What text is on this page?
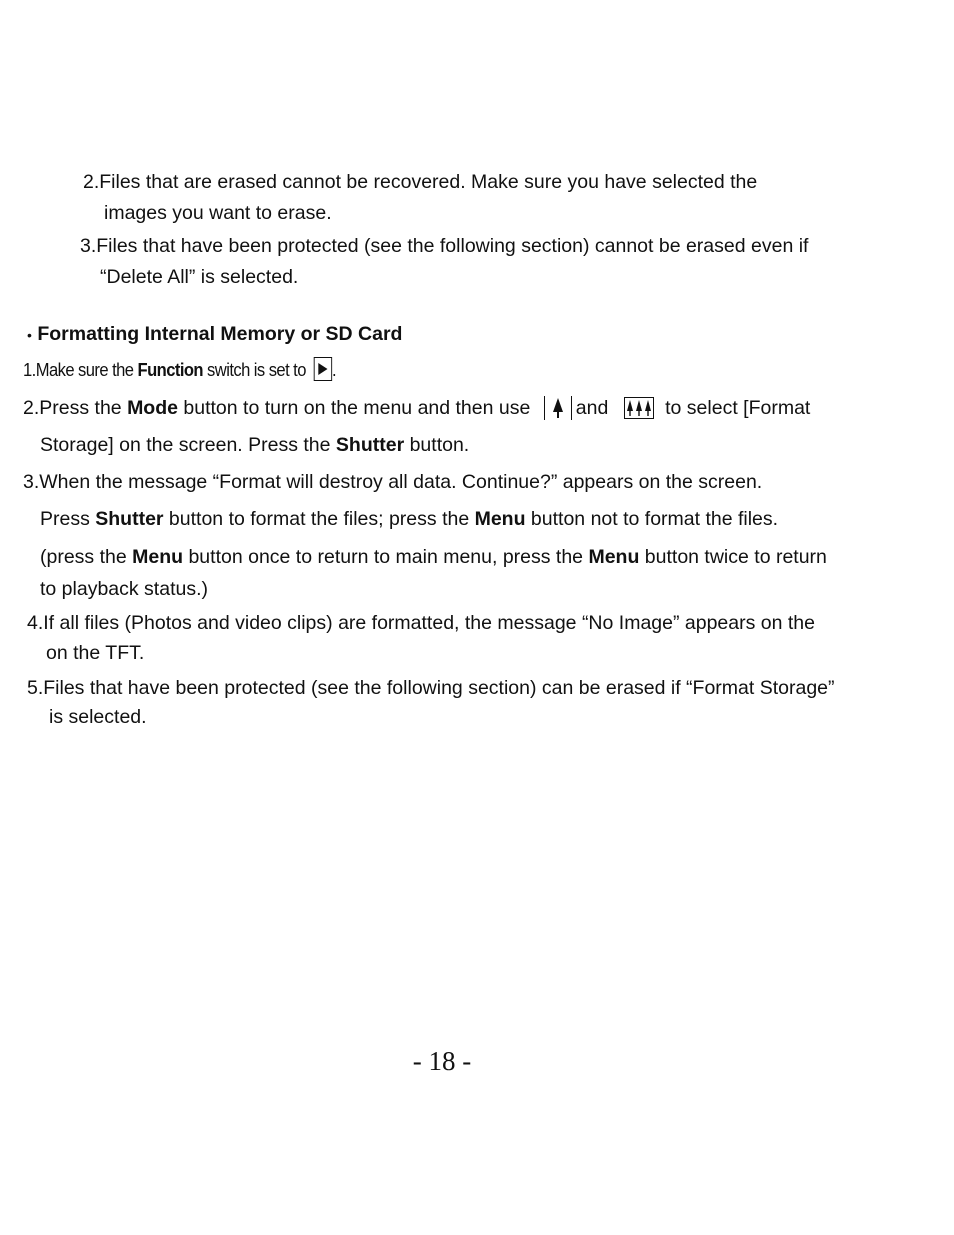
2.Files that are erased cannot be recovered. Make sure you have selected the
images you want to erase.
3.Files that have been protected (see the following section) cannot be erased even if
“Delete All” is selected.
• Formatting Internal Memory or SD Card
1.Make sure the Function switch is set to
.
2.Press the Mode button to turn on the menu and then use
and
to select [Format
Storage] on the screen. Press the Shutter button.
3.When the message “Format will destroy all data. Continue?” appears on the screen.
Press Shutter button to format the files; press the Menu button not to format the files.
(press the Menu button once to return to main menu, press the Menu button twice to return
to playback status.)
4.If all files (Photos and video clips) are formatted, the message “No Image” appears on the
on the TFT.
5.Files that have been protected (see the following section) can be erased if “Format Storage”
is selected.
- 18 -
